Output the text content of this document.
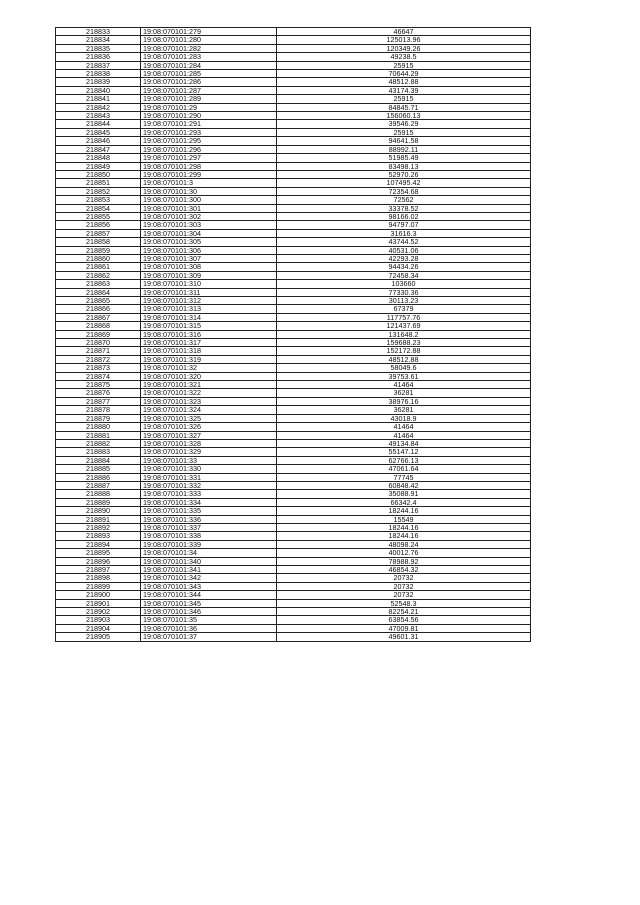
218833	19:08:070101:279	46647
218834	19:08:070101:280	125013.96
218835	19:08:070101:282	120349.26
218836	19:08:070101:283	49238.5
218837	19:08:070101:284	25915
218838	19:08:070101:285	70644.29
218839	19:08:070101:286	48512.88
218840	19:08:070101:287	43174.39
218841	19:08:070101:289	25915
218842	19:08:070101:29	84845.71
218843	19:08:070101:290	156060.13
218844	19:08:070101:291	39546.29
218845	19:08:070101:293	25915
218846	19:08:070101:295	94641.58
218847	19:08:070101:296	88992.11
218848	19:08:070101:297	51985.49
218849	19:08:070101:298	83498.13
218850	19:08:070101:299	52970.26
218851	19:08:070101:3	107495.42
218852	19:08:070101:30	72354.68
218853	19:08:070101:300	72562
218854	19:08:070101:301	33378.52
218855	19:08:070101:302	98166.02
218856	19:08:070101:303	94797.07
218857	19:08:070101:304	31616.3
218858	19:08:070101:305	43744.52
218859	19:08:070101:306	40531.06
218860	19:08:070101:307	42293.28
218861	19:08:070101:308	94434.26
218862	19:08:070101:309	72458.34
218863	19:08:070101:310	103660
218864	19:08:070101:311	77330.36
218865	19:08:070101:312	30113.23
218866	19:08:070101:313	67379
218867	19:08:070101:314	117757.76
218868	19:08:070101:315	121437.69
218869	19:08:070101:316	131648.2
218870	19:08:070101:317	159688.23
218871	19:08:070101:318	152172.88
218872	19:08:070101:319	48512.88
218873	19:08:070101:32	58049.6
218874	19:08:070101:320	39753.61
218875	19:08:070101:321	41464
218876	19:08:070101:322	36281
218877	19:08:070101:323	38976.16
218878	19:08:070101:324	36281
218879	19:08:070101:325	43018.9
218880	19:08:070101:326	41464
218881	19:08:070101:327	41464
218882	19:08:070101:328	49134.84
218883	19:08:070101:329	55147.12
218884	19:08:070101:33	62766.13
218885	19:08:070101:330	47061.64
218886	19:08:070101:331	77745
218887	19:08:070101:332	60848.42
218888	19:08:070101:333	35088.91
218889	19:08:070101:334	66342.4
218890	19:08:070101:335	18244.16
218891	19:08:070101:336	15549
218892	19:08:070101:337	18244.16
218893	19:08:070101:338	18244.16
218894	19:08:070101:339	48098.24
218895	19:08:070101:34	40012.76
218896	19:08:070101:340	78988.92
218897	19:08:070101:341	46854.32
218898	19:08:070101:342	20732
218899	19:08:070101:343	20732
218900	19:08:070101:344	20732
218901	19:08:070101:345	52548.3
218902	19:08:070101:346	82254.21
218903	19:08:070101:35	63854.56
218904	19:08:070101:36	47009.81
218905	19:08:070101:37	49601.31
